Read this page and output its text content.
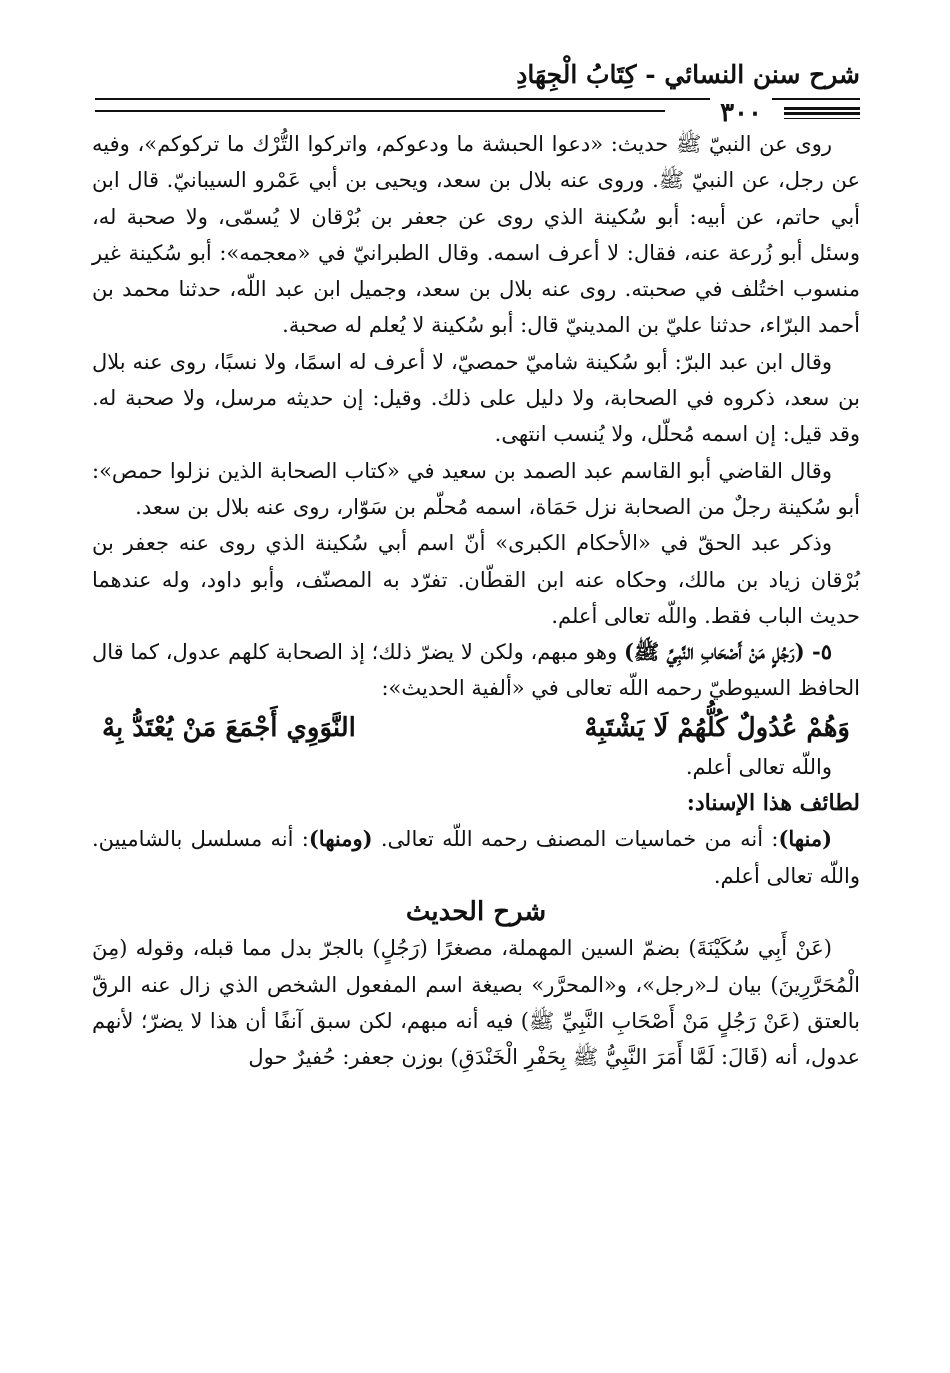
شرح سنن النسائي - كِتَابُ الْجِهَادِ
٣٠٠

روى عن النبيّ ﷺ حديث: «دعوا الحبشة ما ودعوكم، واتركوا التُّرْك ما تركوكم»، وفيه عن رجل، عن النبيّ ﷺ. وروى عنه بلال بن سعد، ويحيى بن أبي عَمْرو السيبانيّ. قال ابن أبي حاتم، عن أبيه: أبو سُكينة الذي روى عن جعفر بن بُرْقان لا يُسمّى، ولا صحبة له، وسئل أبو زُرعة عنه، فقال: لا أعرف اسمه. وقال الطبرانيّ في «معجمه»: أبو سُكينة غير منسوب اختُلف في صحبته. روى عنه بلال بن سعد، وجميل ابن عبد اللّه، حدثنا محمد بن أحمد البرّاء، حدثنا عليّ بن المدينيّ قال: أبو سُكينة لا يُعلم له صحبة.

وقال ابن عبد البرّ: أبو سُكينة شاميّ حمصيّ، لا أعرف له اسمًا، ولا نسبًا، روى عنه بلال بن سعد، ذكروه في الصحابة، ولا دليل على ذلك. وقيل: إن حديثه مرسل، ولا صحبة له. وقد قيل: إن اسمه مُحلّل، ولا يُنسب انتهى.

وقال القاضي أبو القاسم عبد الصمد بن سعيد في «كتاب الصحابة الذين نزلوا حمص»: أبو سُكينة رجلٌ من الصحابة نزل حَمَاة، اسمه مُحلّم بن سَوّار، روى عنه بلال بن سعد.

وذكر عبد الحقّ في «الأحكام الكبرى» أنّ اسم أبي سُكينة الذي روى عنه جعفر بن بُرْقان زياد بن مالك، وحكاه عنه ابن القطّان. تفرّد به المصنّف، وأبو داود، وله عندهما حديث الباب فقط. واللّه تعالى أعلم.

٥- (رَجُلٍ مَنْ أَصْحَابِ النَّبِيِّ ﷺ) وهو مبهم، ولكن لا يضرّ ذلك؛ إذ الصحابة كلهم عدول، كما قال الحافظ السيوطيّ رحمه اللّه تعالى في «ألفية الحديث»:

وَهُمْ عُدُولٌ كُلُّهُمْ لَا يَشْتَبِهْ
النَّوَوِي أَجْمَعَ مَنْ يُعْتَدُّ بِهْ

واللّه تعالى أعلم.

لطائف هذا الإسناد:

(منها): أنه من خماسيات المصنف رحمه اللّه تعالى. (ومنها): أنه مسلسل بالشاميين. واللّه تعالى أعلم.

شرح الحديث

(عَنْ أَبِي سُكَيْنَةَ) بضمّ السين المهملة، مصغرًا (رَجُلٍ) بالجرّ بدل مما قبله، وقوله (مِنَ الْمُحَرَّرِينَ) بيان لـ«رجل»، و«المحرَّر» بصيغة اسم المفعول الشخص الذي زال عنه الرقّ بالعتق (عَنْ رَجُلٍ مَنْ أَصْحَابِ النَّبِيِّ ﷺ) فيه أنه مبهم، لكن سبق آنفًا أن هذا لا يضرّ؛ لأنهم عدول، أنه (قَالَ: لَمَّا أَمَرَ النَّبِيُّ ﷺ بِحَفْرِ الْخَنْدَقِ) بوزن جعفر: حُفيرٌ حول
